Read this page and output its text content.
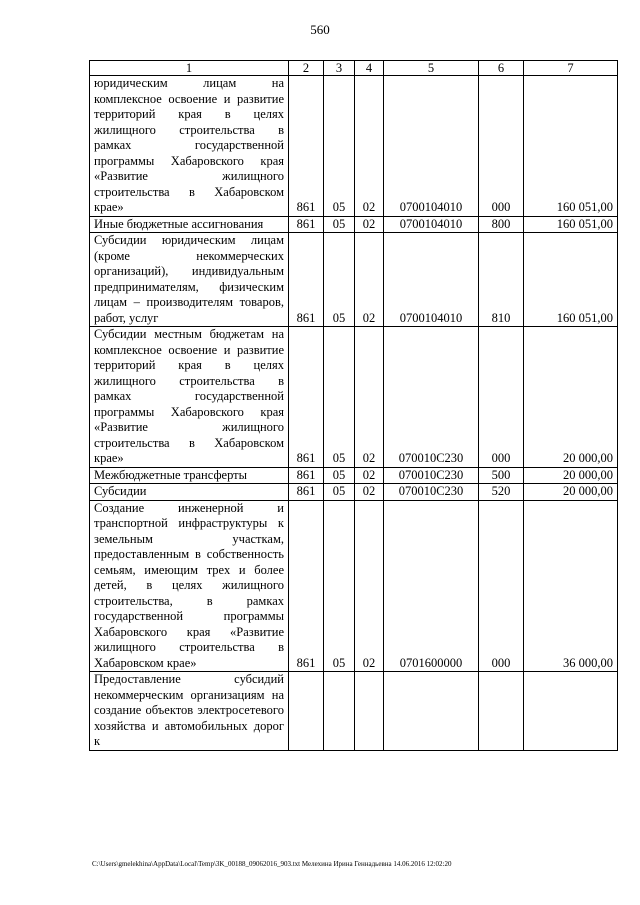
560
1	2	3	4	5	6	7
юридическим лицам на комплексное освоение и развитие территорий края в целях жилищного строительства в рамках государственной программы Хабаровского края «Развитие жилищного строительства в Хабаровском крае»	861	05	02	0700104010	000	160 051,00
Иные бюджетные ассигнования	861	05	02	0700104010	800	160 051,00
Субсидии юридическим лицам (кроме некоммерческих организаций), индивидуальным предпринимателям, физическим лицам – производителям товаров, работ, услуг	861	05	02	0700104010	810	160 051,00
Субсидии местным бюджетам на комплексное освоение и развитие территорий края в целях жилищного строительства в рамках государственной программы Хабаровского края «Развитие жилищного строительства в Хабаровском крае»	861	05	02	070010С230	000	20 000,00
Межбюджетные трансферты	861	05	02	070010С230	500	20 000,00
Субсидии	861	05	02	070010С230	520	20 000,00
Создание инженерной и транспортной инфраструктуры к земельным участкам, предоставленным в собственность семьям, имеющим трех и более детей, в целях жилищного строительства, в рамках государственной программы Хабаровского края «Развитие жилищного строительства в Хабаровском крае»	861	05	02	0701600000	000	36 000,00
Предоставление субсидий некоммерческим организациям на создание объектов электросетевого хозяйства и автомобильных дорог к						
C:\Users\gmelekhina\AppData\Local\Temp\3K_00188_09062016_903.txt Мелехина Ирина Геннадьевна 14.06.2016 12:02:20
